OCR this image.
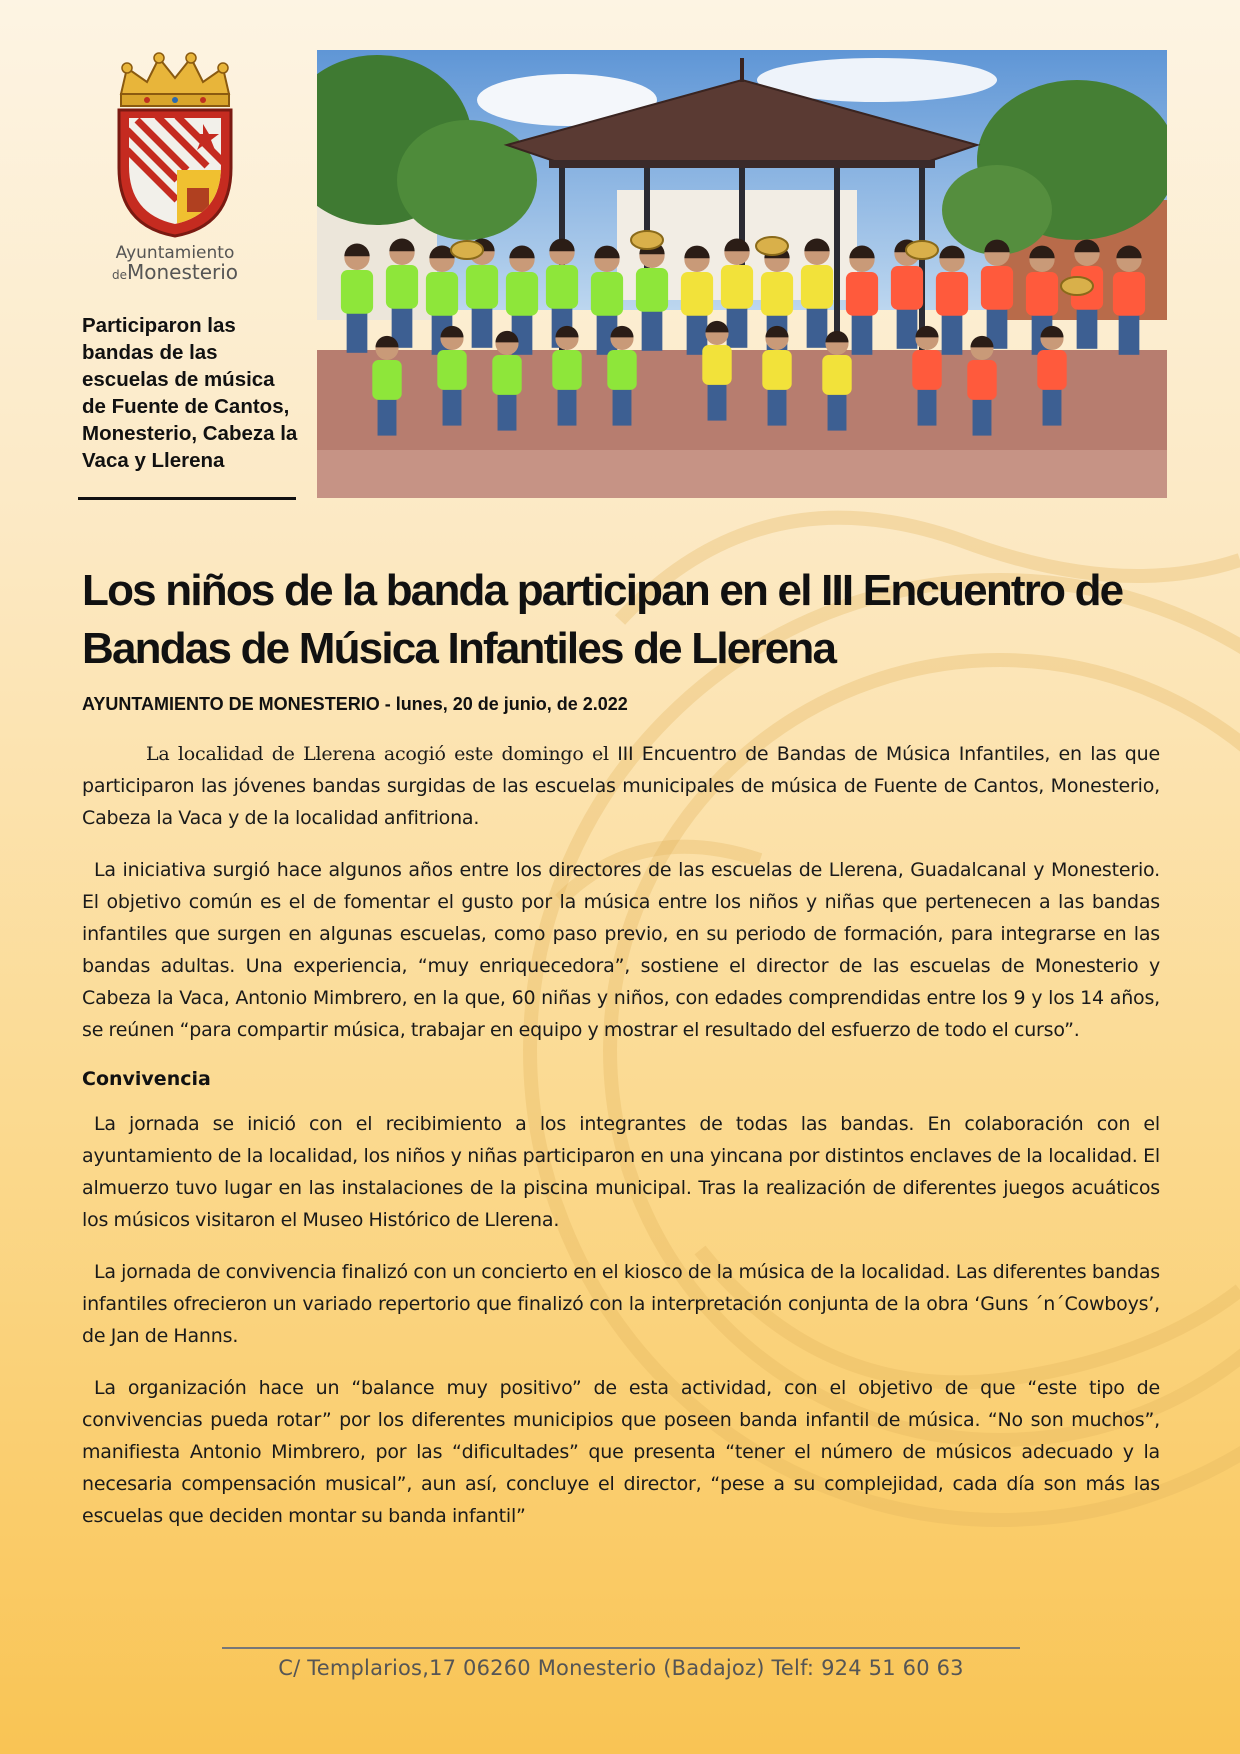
Ayuntamiento
deMonesterio
Participaron las bandas de las escuelas de música de Fuente de Cantos, Monesterio, Cabeza la Vaca y Llerena
Los niños de la banda participan en el III Encuentro de Bandas de Música Infantiles de Llerena
AYUNTAMIENTO DE MONESTERIO - lunes, 20 de junio, de 2.022

La localidad de Llerena acogió este domingo el III Encuentro de Bandas de Música Infantiles, en las que participaron las jóvenes bandas surgidas de las escuelas municipales de música de Fuente de Cantos, Monesterio, Cabeza la Vaca y de la localidad anfitriona.

La iniciativa surgió hace algunos años entre los directores de las escuelas de Llerena, Guadalcanal y Monesterio. El objetivo común es el de fomentar el gusto por la música entre los niños y niñas que pertenecen a las bandas infantiles que surgen en algunas escuelas, como paso previo, en su periodo de formación, para integrarse en las bandas adultas. Una experiencia, “muy enriquecedora”, sostiene el director de las escuelas de Monesterio y Cabeza la Vaca, Antonio Mimbrero, en la que, 60 niñas y niños, con edades comprendidas entre los 9 y los 14 años, se reúnen “para compartir música, trabajar en equipo y mostrar el resultado del esfuerzo de todo el curso”.

Convivencia

La jornada se inició con el recibimiento a los integrantes de todas las bandas. En colaboración con el ayuntamiento de la localidad, los niños y niñas participaron en una yincana por distintos enclaves de la localidad. El almuerzo tuvo lugar en las instalaciones de la piscina municipal. Tras la realización de diferentes juegos acuáticos los músicos visitaron el Museo Histórico de Llerena.

La jornada de convivencia finalizó con un concierto en el kiosco de la música de la localidad. Las diferentes bandas infantiles ofrecieron un variado repertorio que finalizó con la interpretación conjunta de la obra ‘Guns ´n´Cowboys’, de Jan de Hanns.

La organización hace un “balance muy positivo” de esta actividad, con el objetivo de que “este tipo de convivencias pueda rotar” por los diferentes municipios que poseen banda infantil de música. “No son muchos”, manifiesta Antonio Mimbrero, por las “dificultades” que presenta “tener el número de músicos adecuado y la necesaria compensación musical”, aun así, concluye el director, “pese a su complejidad, cada día son más las escuelas que deciden montar su banda infantil”

C/ Templarios,17 06260 Monesterio (Badajoz) Telf: 924 51 60 63
